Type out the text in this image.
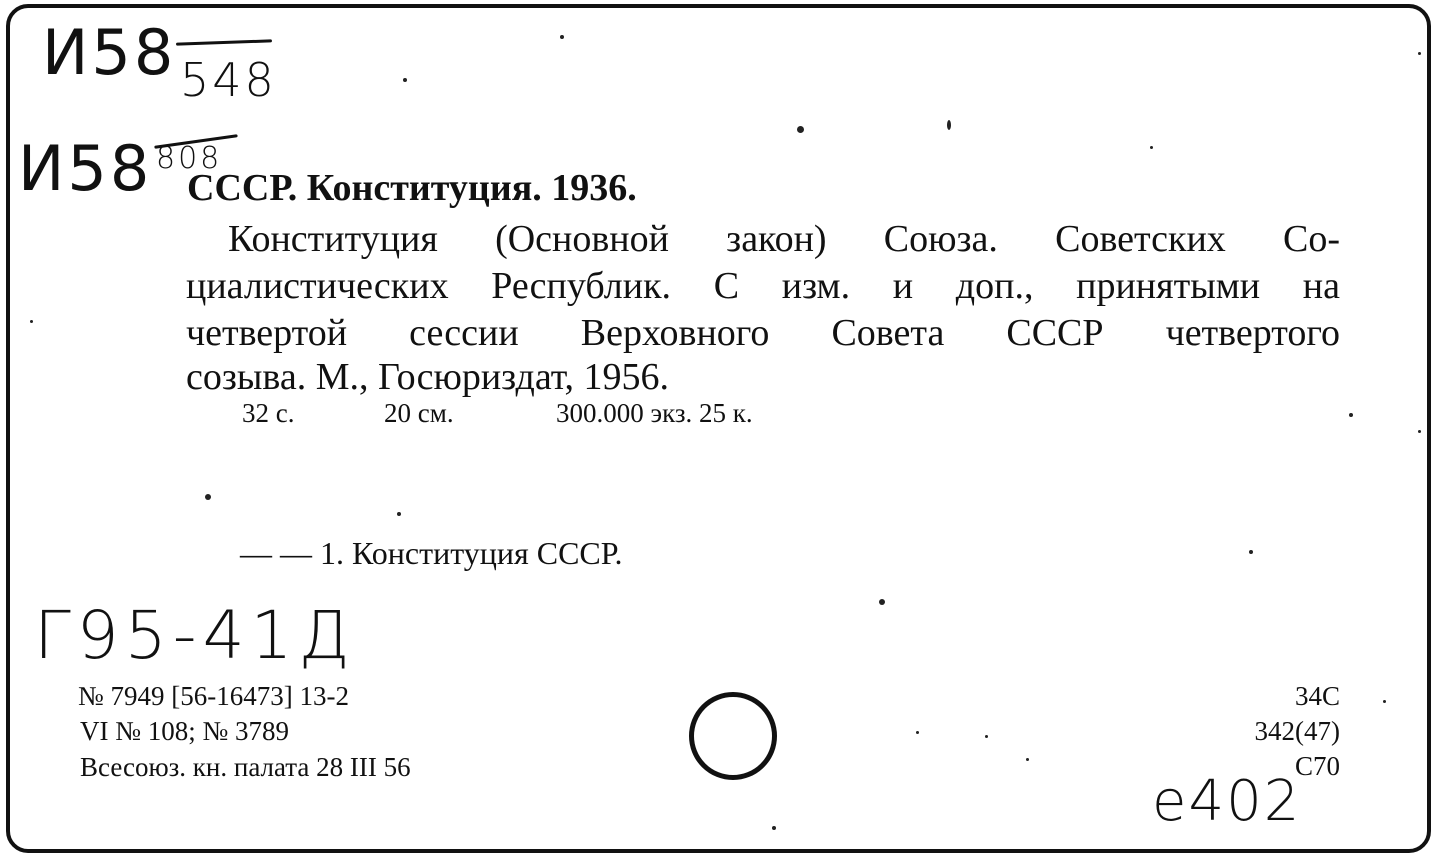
И58 548
И58 808
СССР. Конституция. 1936.
Конституция (Основной закон) Союза. Советских Со-
циалистических Республик. С изм. и доп., принятыми на
четвертой сессии Верховного Совета СССР четвертого
созыва. М., Госюриздат, 1956.
32 с.	20 см.	300.000 экз. 25 к.
— — 1. Конституция СССР.
Г95-41Д
№ 7949 [56-16473] 13-2
VI № 108; № 3789
Всесоюз. кн. палата 28 III 56
34С
342(47)
С70
е402
